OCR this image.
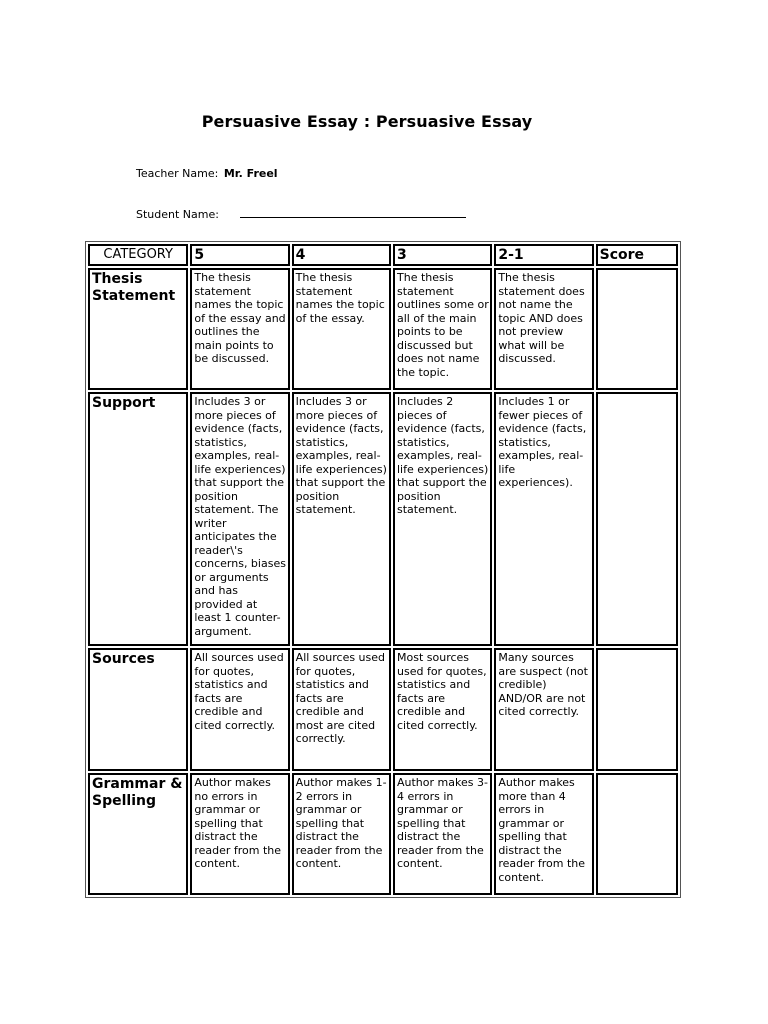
Persuasive Essay : Persuasive Essay
Teacher Name: Mr. Freel
Student Name:
CATEGORY	5	4	3	2-1	Score
Thesis Statement	The thesis statement names the topic of the essay and outlines the main points to be discussed.	The thesis statement names the topic of the essay.	The thesis statement outlines some or all of the main points to be discussed but does not name the topic.	The thesis statement does not name the topic AND does not preview what will be discussed.	
Support	Includes 3 or more pieces of evidence (facts, statistics, examples, real-life experiences) that support the position statement. The writer anticipates the reader\'s concerns, biases or arguments and has provided at least 1 counter-argument.	Includes 3 or more pieces of evidence (facts, statistics, examples, real-life experiences) that support the position statement.	Includes 2 pieces of evidence (facts, statistics, examples, real-life experiences) that support the position statement.	Includes 1 or fewer pieces of evidence (facts, statistics, examples, real-life experiences).	
Sources	All sources used for quotes, statistics and facts are credible and cited correctly.	All sources used for quotes, statistics and facts are credible and most are cited correctly.	Most sources used for quotes, statistics and facts are credible and cited correctly.	Many sources are suspect (not credible) AND/OR are not cited correctly.	
Grammar & Spelling	Author makes no errors in grammar or spelling that distract the reader from the content.	Author makes 1-2 errors in grammar or spelling that distract the reader from the content.	Author makes 3-4 errors in grammar or spelling that distract the reader from the content.	Author makes more than 4 errors in grammar or spelling that distract the reader from the content.	
